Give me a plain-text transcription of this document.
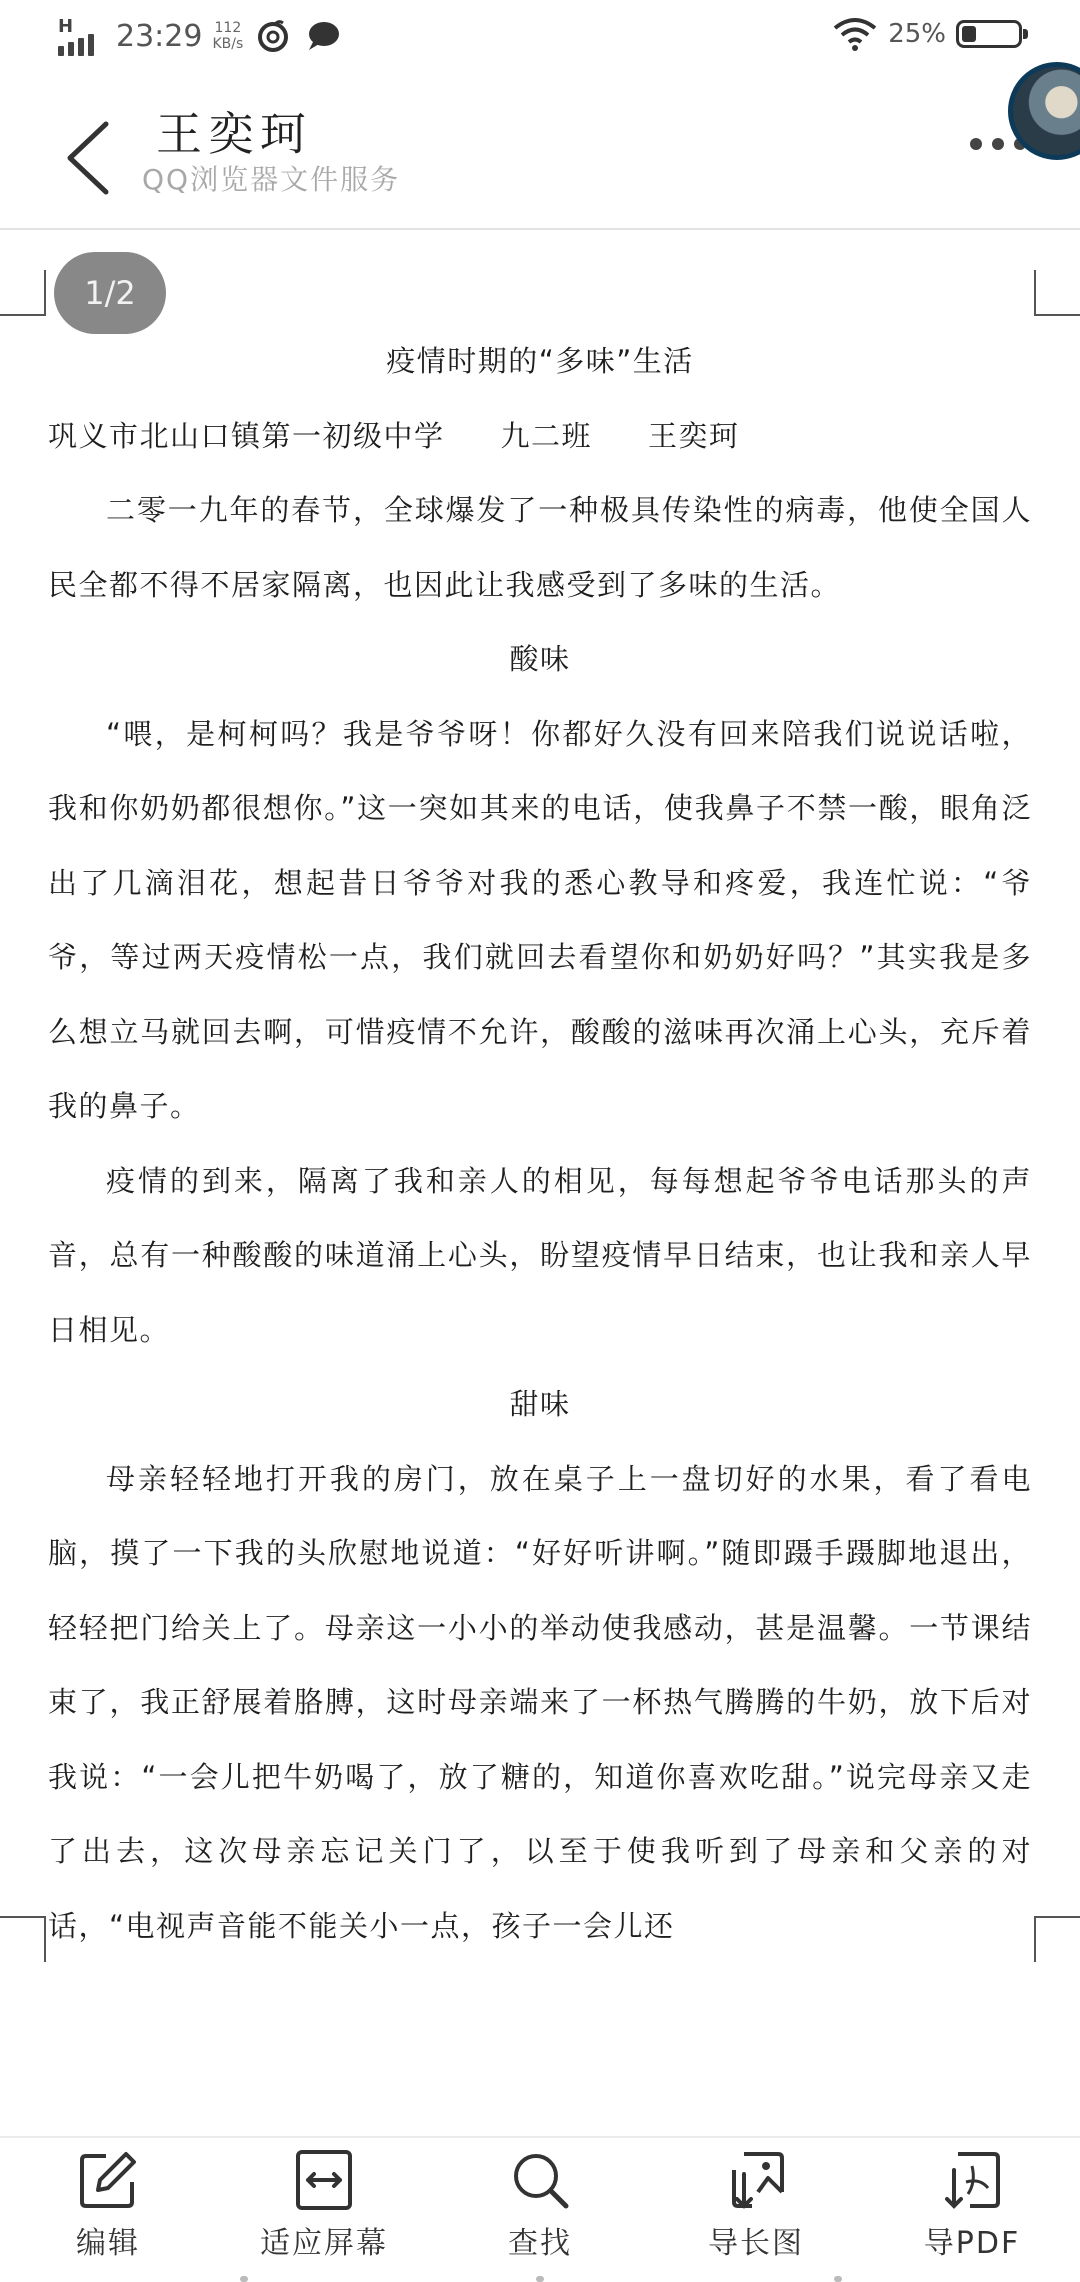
H 23:29 112
KB/s	25%
王奕珂
QQ浏览器文件服务
1/2

疫情时期的“多味”生活

巩义市北山口镇第一初级中学 九二班 王奕珂

二零一九年的春节，全球爆发了一种极具传染性的病毒，他使全国人民全都不得不居家隔离，也因此让我感受到了多味的生活。

酸味

“喂，是柯柯吗？我是爷爷呀！你都好久没有回来陪我们说说话啦，我和你奶奶都很想你。”这一突如其来的电话，使我鼻子不禁一酸，眼角泛出了几滴泪花，想起昔日爷爷对我的悉心教导和疼爱，我连忙说：“爷爷，等过两天疫情松一点，我们就回去看望你和奶奶好吗？”其实我是多么想立马就回去啊，可惜疫情不允许，酸酸的滋味再次涌上心头，充斥着我的鼻子。

疫情的到来，隔离了我和亲人的相见，每每想起爷爷电话那头的声音，总有一种酸酸的味道涌上心头，盼望疫情早日结束，也让我和亲人早日相见。

甜味

母亲轻轻地打开我的房门，放在桌子上一盘切好的水果，看了看电脑，摸了一下我的头欣慰地说道：“好好听讲啊。”随即蹑手蹑脚地退出，轻轻把门给关上了。母亲这一小小的举动使我感动，甚是温馨。一节课结束了，我正舒展着胳膊，这时母亲端来了一杯热气腾腾的牛奶，放下后对我说：“一会儿把牛奶喝了，放了糖的，知道你喜欢吃甜。”说完母亲又走了出去，这次母亲忘记关门了，以至于使我听到了母亲和父亲的对话，“电视声音能不能关小一点，孩子一会儿还

编辑	适应屏幕	查找	导长图	导PDF
